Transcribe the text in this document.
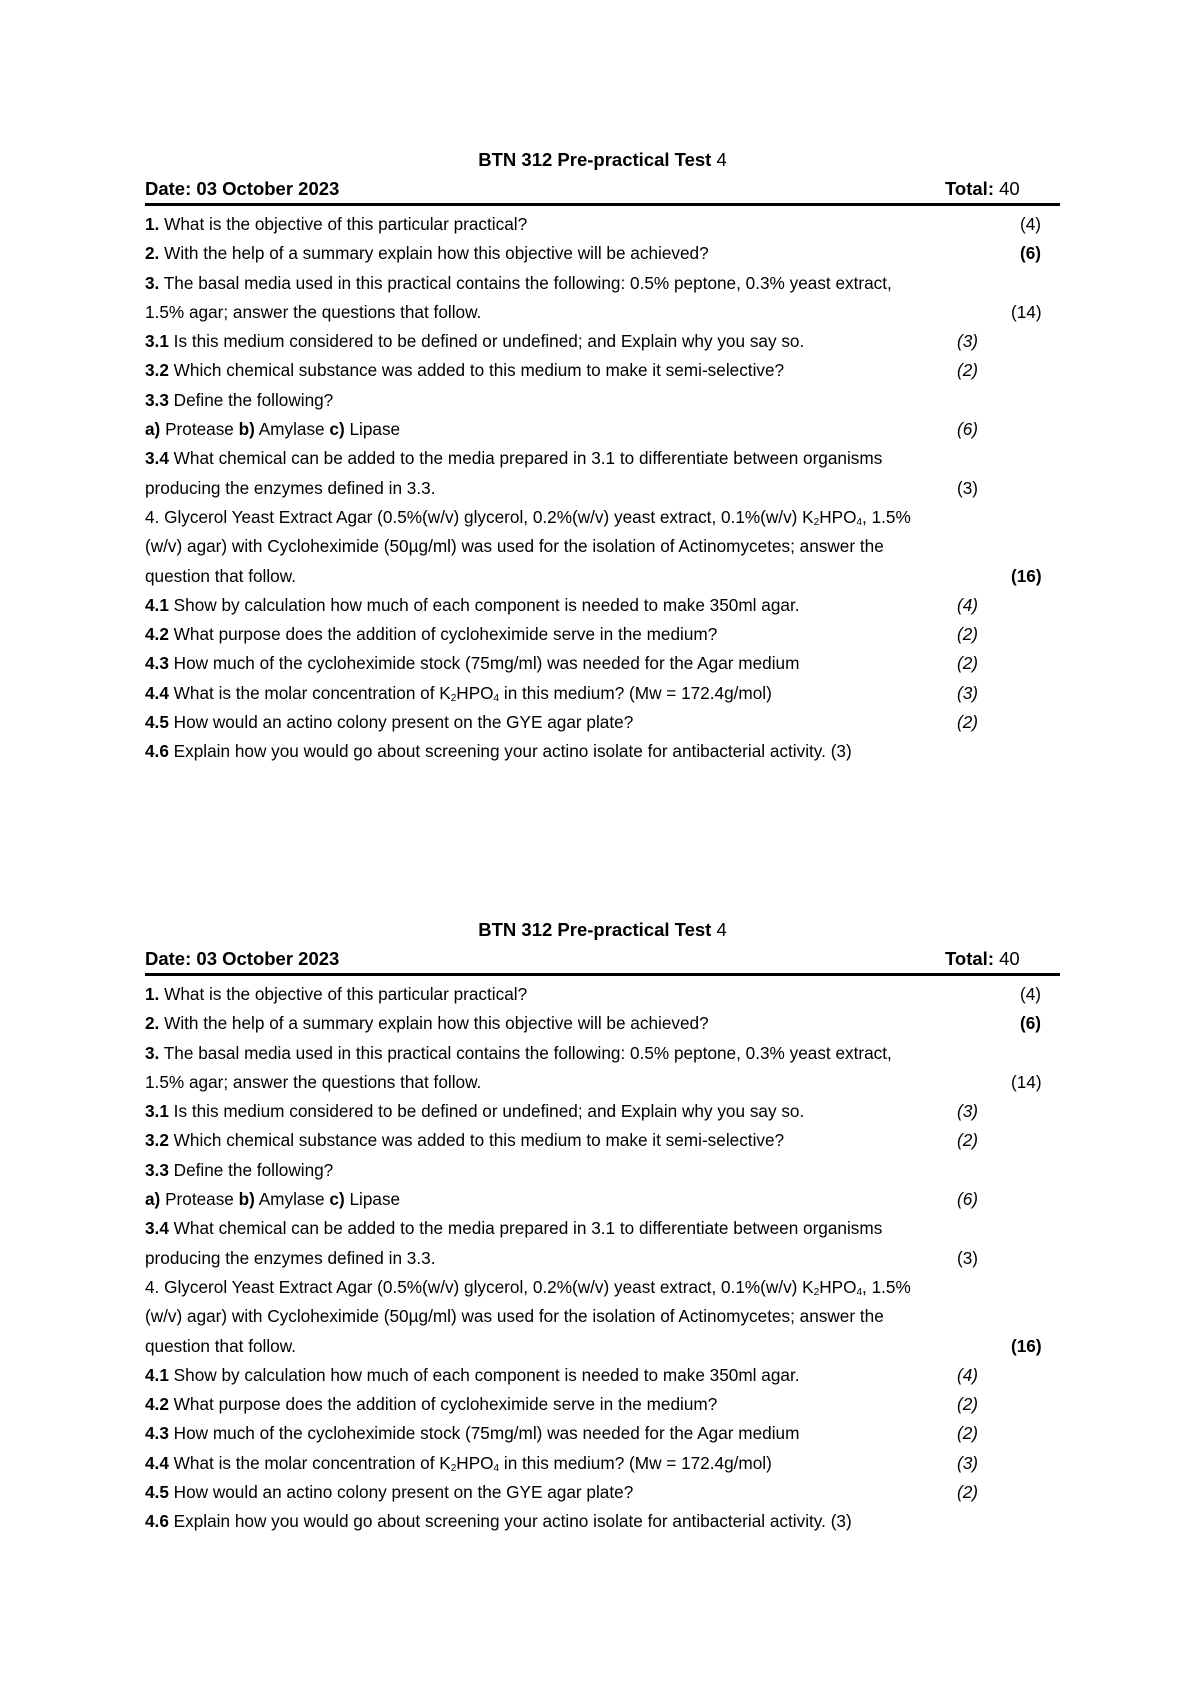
BTN 312 Pre-practical Test 4
Date: 03 October 2023	Total: 40
1. What is the objective of this particular practical?	(4)
2. With the help of a summary explain how this objective will be achieved?	(6)
3. The basal media used in this practical contains the following: 0.5% peptone, 0.3% yeast extract,
1.5% agar; answer the questions that follow.	(14)
3.1 Is this medium considered to be defined or undefined; and Explain why you say so.	(3)
3.2 Which chemical substance was added to this medium to make it semi-selective?	(2)
3.3 Define the following?
a) Protease b) Amylase c) Lipase	(6)
3.4 What chemical can be added to the media prepared in 3.1 to differentiate between organisms
producing the enzymes defined in 3.3.	(3)
4. Glycerol Yeast Extract Agar (0.5%(w/v) glycerol, 0.2%(w/v) yeast extract, 0.1%(w/v) $K_2HPO_4$, 1.5%
(w/v) agar) with Cycloheximide (50µg/ml) was used for the isolation of Actinomycetes; answer the
question that follow.	(16)
4.1 Show by calculation how much of each component is needed to make 350ml agar.	(4)
4.2 What purpose does the addition of cycloheximide serve in the medium?	(2)
4.3 How much of the cycloheximide stock (75mg/ml) was needed for the Agar medium	(2)
4.4 What is the molar concentration of $K_2HPO_4$ in this medium? (Mw = 172.4g/mol)	(3)
4.5 How would an actino colony present on the GYE agar plate?	(2)
4.6 Explain how you would go about screening your actino isolate for antibacterial activity. (3)
BTN 312 Pre-practical Test 4
Date: 03 October 2023	Total: 40
1. What is the objective of this particular practical?	(4)
2. With the help of a summary explain how this objective will be achieved?	(6)
3. The basal media used in this practical contains the following: 0.5% peptone, 0.3% yeast extract,
1.5% agar; answer the questions that follow.	(14)
3.1 Is this medium considered to be defined or undefined; and Explain why you say so.	(3)
3.2 Which chemical substance was added to this medium to make it semi-selective?	(2)
3.3 Define the following?
a) Protease b) Amylase c) Lipase	(6)
3.4 What chemical can be added to the media prepared in 3.1 to differentiate between organisms
producing the enzymes defined in 3.3.	(3)
4. Glycerol Yeast Extract Agar (0.5%(w/v) glycerol, 0.2%(w/v) yeast extract, 0.1%(w/v) $K_2HPO_4$, 1.5%
(w/v) agar) with Cycloheximide (50µg/ml) was used for the isolation of Actinomycetes; answer the
question that follow.	(16)
4.1 Show by calculation how much of each component is needed to make 350ml agar.	(4)
4.2 What purpose does the addition of cycloheximide serve in the medium?	(2)
4.3 How much of the cycloheximide stock (75mg/ml) was needed for the Agar medium	(2)
4.4 What is the molar concentration of $K_2HPO_4$ in this medium? (Mw = 172.4g/mol)	(3)
4.5 How would an actino colony present on the GYE agar plate?	(2)
4.6 Explain how you would go about screening your actino isolate for antibacterial activity. (3)
